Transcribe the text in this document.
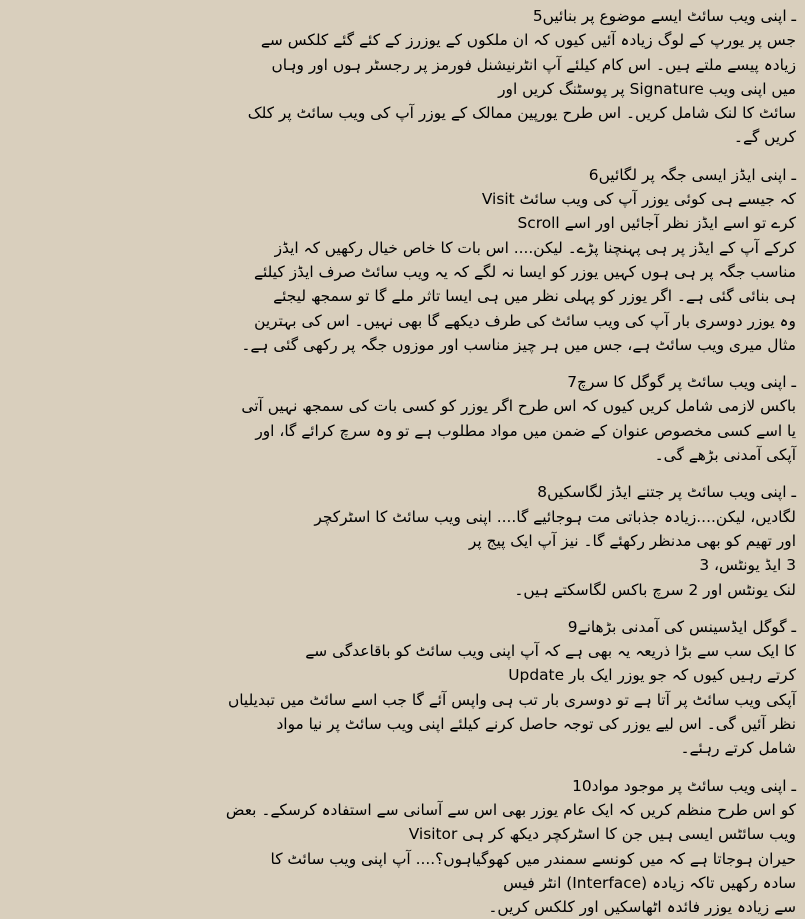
ـ اپنی ویب سائٹ ایسے موضوع پر بنائیں5
جس پر یورپ کے لوگ زیادہ آئیں کیوں کہ ان ملکوں کے یوزرز کے کئے گئے کلکس سے
زیادہ پیسے ملتے ہیں۔ اس کام کیلئے آپ انٹرنیشنل فورمز پر رجسٹر ہوں اور وہاں
میں اپنی ویب Signature پر پوسٹنگ کریں اور
سائٹ کا لنک شامل کریں۔ اس طرح یورپین ممالک کے یوزر آپ کی ویب سائٹ پر کلک
کریں گے۔
ـ اپنی ایڈز ایسی جگہ پر لگائیں6
Visit کہ جیسے ہی کوئی یوزر آپ کی ویب سائٹ
Scroll کرے تو اسے ایڈز نظر آجائیں اور اسے
کرکے آپ کے ایڈز پر ہی پہنچنا پڑے۔ لیکن.... اس بات کا خاص خیال رکھیں کہ ایڈز
مناسب جگہ پر ہی ہوں کہیں یوزر کو ایسا نہ لگے کہ یہ ویب سائٹ صرف ایڈز کیلئے
ہی بنائی گئی ہے۔ اگر یوزر کو پہلی نظر میں ہی ایسا تاثر ملے گا تو سمجھ لیجئے
وہ یوزر دوسری بار آپ کی ویب سائٹ کی طرف دیکھے گا بھی نہیں۔ اس کی بہترین
مثال میری ویب سائٹ ہے، جس میں ہر چیز مناسب اور موزوں جگہ پر رکھی گئی ہے۔
ـ اپنی ویب سائٹ پر گوگل کا سرچ7
باکس لازمی شامل کریں کیوں کہ اس طرح اگر یوزر کو کسی بات کی سمجھ نہیں آتی
یا اسے کسی مخصوص عنوان کے ضمن میں مواد مطلوب ہے تو وہ سرچ کرائے گا، اور
آپکی آمدنی بڑھے گی۔
ـ اپنی ویب سائٹ پر جتنے ایڈز لگاسکیں8
لگادیں، لیکن....زیادہ جذباتی مت ہوجائیے گا.... اپنی ویب سائٹ کا اسٹرکچر
اور تھیم کو بھی مدنظر رکھئے گا۔ نیز آپ ایک پیج پر
3 ایڈ یونٹس، 3
لنک یونٹس اور 2 سرچ باکس لگاسکتے ہیں۔
ـ گوگل ایڈسینس کی آمدنی بڑھانے9
کا ایک سب سے بڑا ذریعہ یہ بھی ہے کہ آپ اپنی ویب سائٹ کو باقاعدگی سے
کرتے رہیں کیوں کہ جو یوزر ایک بار Update
آپکی ویب سائٹ پر آتا ہے تو دوسری بار تب ہی واپس آئے گا جب اسے سائٹ میں تبدیلیاں
نظر آئیں گی۔ اس لیے یوزر کی توجہ حاصل کرنے کیلئے اپنی ویب سائٹ پر نیا مواد
شامل کرتے رہئے۔
ـ اپنی ویب سائٹ پر موجود مواد10
کو اس طرح منظم کریں کہ ایک عام یوزر بھی اس سے آسانی سے استفادہ کرسکے۔ بعض
Visitor ویب سائٹس ایسی ہیں جن کا اسٹرکچر دیکھ کر ہی
حیران ہوجاتا ہے کہ میں کونسے سمندر میں کھوگیاہوں؟.... آپ اپنی ویب سائٹ کا
سادہ رکھیں تاکہ زیادہ (Interface) انٹر فیس
سے زیادہ یوزر فائدہ اٹھاسکیں اور کلکس کریں۔
